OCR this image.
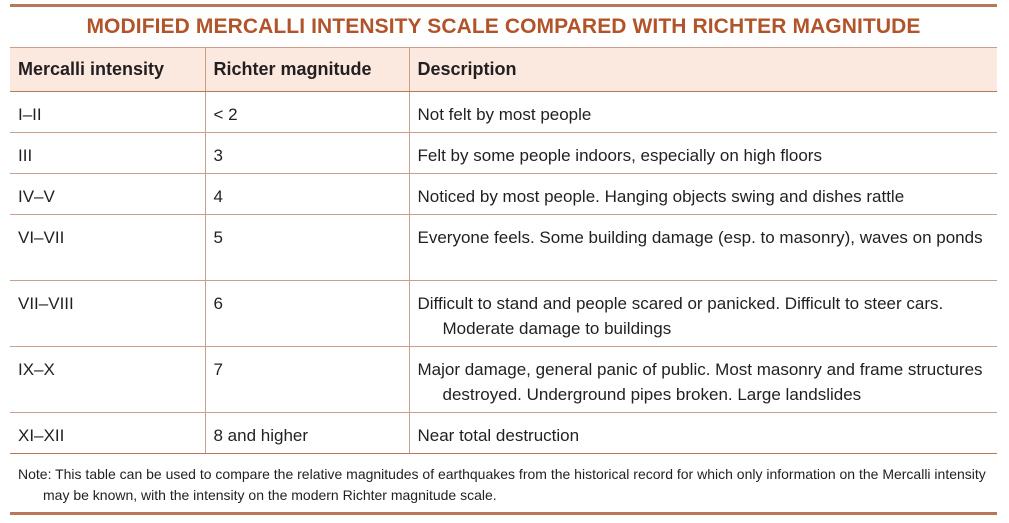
MODIFIED MERCALLI INTENSITY SCALE COMPARED WITH RICHTER MAGNITUDE
Mercalli intensity	Richter magnitude	Description
I–II	< 2	Not felt by most people
III	3	Felt by some people indoors, especially on high floors
IV–V	4	Noticed by most people. Hanging objects swing and dishes rattle
VI–VII	5	Everyone feels. Some building damage (esp. to masonry), waves on ponds
VII–VIII	6	Difficult to stand and people scared or panicked. Difficult to steer cars. Moderate damage to buildings
IX–X	7	Major damage, general panic of public. Most masonry and frame structures destroyed. Underground pipes broken. Large landslides
XI–XII	8 and higher	Near total destruction
Note: This table can be used to compare the relative magnitudes of earthquakes from the historical record for which only information on the Mercalli intensity may be known, with the intensity on the modern Richter magnitude scale.
